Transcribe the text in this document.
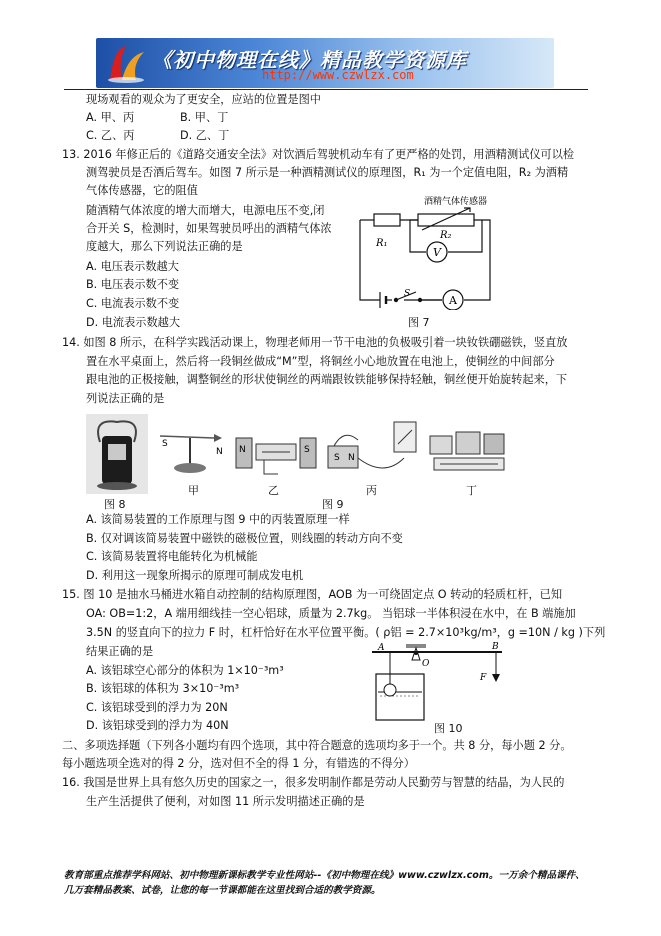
《初中物理在线》精品教学资源库
http://www.czwlzx.com
现场观看的观众为了更安全，应站的位置是图中
A. 甲、丙	B. 甲、丁
C. 乙、丙	D. 乙、丁
13. 2016 年修正后的《道路交通安全法》对饮酒后驾驶机动车有了更严格的处罚，用酒精测试仪可以检
测驾驶员是否酒后驾车。如图 7 所示是一种酒精测试仪的原理图，R₁ 为一个定值电阻，R₂ 为酒精
气体传感器，它的阻值
随酒精气体浓度的增大而增大，电源电压不变,闭
合开关 S，检测时，如果驾驶员呼出的酒精气体浓
度越大，那么下列说法正确的是
A. 电压表示数越大
B. 电压表示数不变
C. 电流表示数不变
D. 电流表示数越大
V
A
S
R₁
R₂
酒精气体传感器
图 7
14. 如图 8 所示，在科学实践活动课上，物理老师用一节干电池的负极吸引着一块钕铁硼磁铁，竖直放
置在水平桌面上，然后将一段铜丝做成“M”型，将铜丝小心地放置在电池上，使铜丝的中间部分
跟电池的正极接触，调整铜丝的形状使铜丝的两端跟钕铁能够保持轻触，铜丝便开始旋转起来，下
列说法正确的是
图 8
S
N
甲
N	S
乙
S N
丙	丁
图 9
A. 该简易装置的工作原理与图 9 中的丙装置原理一样
B. 仅对调该简易装置中磁铁的磁极位置，则线圈的转动方向不变
C. 该简易装置将电能转化为机械能
D. 利用这一现象所揭示的原理可制成发电机
15. 图 10 是抽水马桶进水箱自动控制的结构原理图，AOB 为一可绕固定点 O 转动的轻质杠杆，已知
OA: OB=1:2，A 端用细线挂一空心铝球，质量为 2.7kg。 当铝球一半体积浸在水中，在 B 端施加
3.5N 的竖直向下的拉力 F 时，杠杆恰好在水平位置平衡。( ρ铝 = 2.7×10³kg/m³，g =10N / kg )下列
结果正确的是
A. 该铝球空心部分的体积为 1×10⁻³m³
B. 该铝球的体积为 3×10⁻³m³
C. 该铝球受到的浮力为 20N
D. 该铝球受到的浮力为 40N
A
O
B
F
图 10
二、多项选择题（下列各小题均有四个选项，其中符合题意的选项均多于一个。共 8 分，每小题 2 分。
每小题选项全选对的得 2 分，选对但不全的得 1 分，有错选的不得分）
16. 我国是世界上具有悠久历史的国家之一，很多发明制作都是劳动人民勤劳与智慧的结晶，为人民的
生产生活提供了便利，对如图 11 所示发明描述正确的是
教育部重点推荐学科网站、初中物理新课标教学专业性网站--《初中物理在线》www.czwlzx.com。一万余个精品课件、
几万套精品教案、试卷，让您的每一节课都能在这里找到合适的教学资源。
